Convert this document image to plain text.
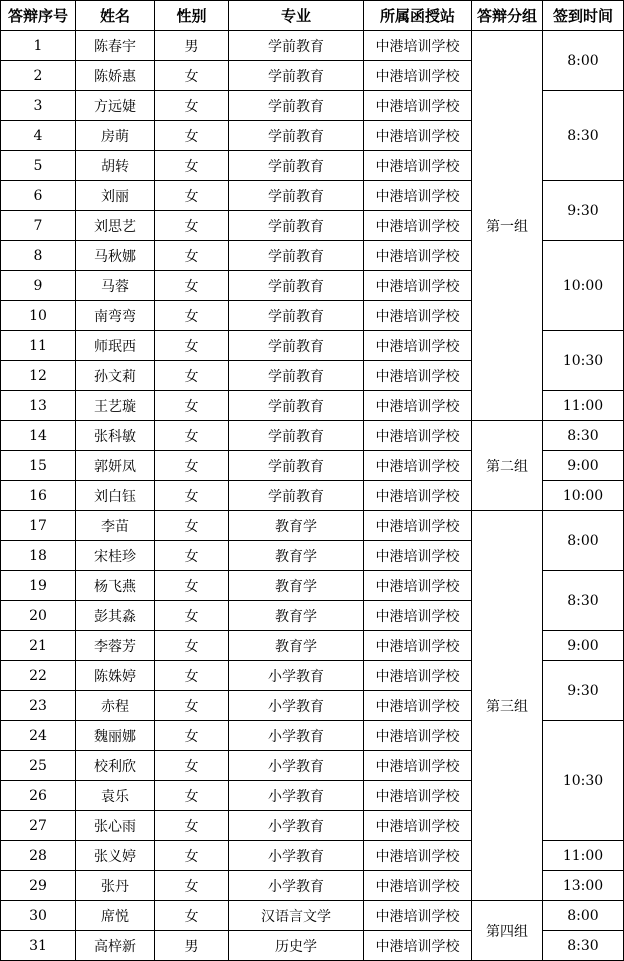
答辩序号	姓名	性别	专业	所属函授站	答辩分组	签到时间
1	陈春宇	男	学前教育	中港培训学校	第一组	8:00
2	陈娇惠	女	学前教育	中港培训学校		
3	方远婕	女	学前教育	中港培训学校		8:30
4	房萌	女	学前教育	中港培训学校		
5	胡转	女	学前教育	中港培训学校		
6	刘丽	女	学前教育	中港培训学校		9:30
7	刘思艺	女	学前教育	中港培训学校		
8	马秋娜	女	学前教育	中港培训学校		10:00
9	马蓉	女	学前教育	中港培训学校		
10	南弯弯	女	学前教育	中港培训学校		
11	师珉西	女	学前教育	中港培训学校		10:30
12	孙文莉	女	学前教育	中港培训学校		
13	王艺璇	女	学前教育	中港培训学校		11:00
14	张科敏	女	学前教育	中港培训学校	第二组	8:30
15	郭妍凤	女	学前教育	中港培训学校		9:00
16	刘白钰	女	学前教育	中港培训学校		10:00
17	李苗	女	教育学	中港培训学校	第三组	8:00
18	宋桂珍	女	教育学	中港培训学校		
19	杨飞燕	女	教育学	中港培训学校		8:30
20	彭其淼	女	教育学	中港培训学校		
21	李蓉芳	女	教育学	中港培训学校		9:00
22	陈姝婷	女	小学教育	中港培训学校		9:30
23	赤程	女	小学教育	中港培训学校		
24	魏丽娜	女	小学教育	中港培训学校		10:30
25	校利欣	女	小学教育	中港培训学校		
26	袁乐	女	小学教育	中港培训学校		
27	张心雨	女	小学教育	中港培训学校		
28	张义婷	女	小学教育	中港培训学校		11:00
29	张丹	女	小学教育	中港培训学校		13:00
30	席悦	女	汉语言文学	中港培训学校	第四组	8:00
31	高梓新	男	历史学	中港培训学校		8:30
